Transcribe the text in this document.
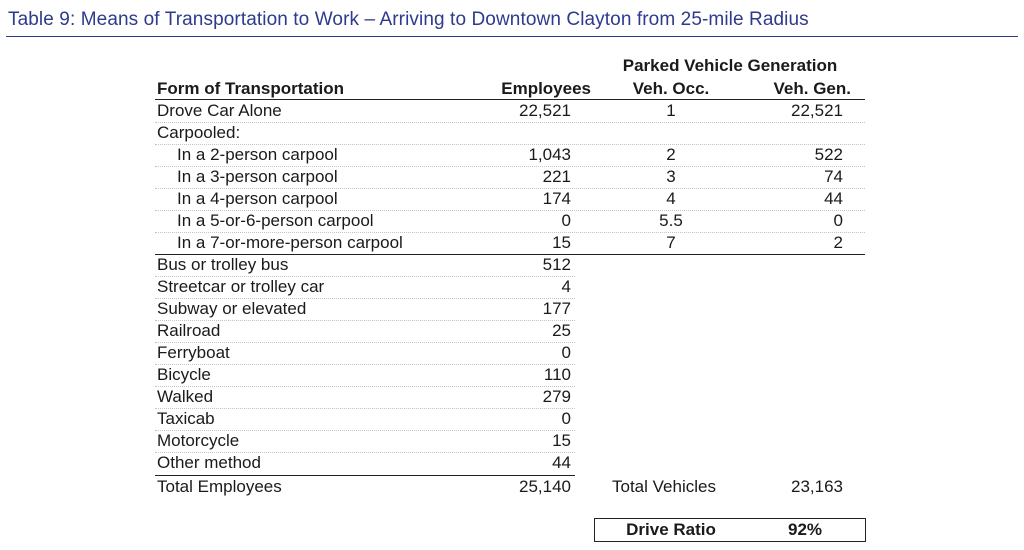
Table 9: Means of Transportation to Work – Arriving to Downtown Clayton from 25-mile Radius
Parked Vehicle Generation
Form of Transportation	Employees	Veh. Occ.	Veh. Gen.
Drove Car Alone	22,521	1	22,521
Carpooled:
In a 2-person carpool	1,043	2	522
In a 3-person carpool	221	3	74
In a 4-person carpool	174	4	44
In a 5-or-6-person carpool	0	5.5	0
In a 7-or-more-person carpool	15	7	2
Bus or trolley bus	512
Streetcar or trolley car	4
Subway or elevated	177
Railroad	25
Ferryboat	0
Bicycle	110
Walked	279
Taxicab	0
Motorcycle	15
Other method	44
Total Employees	25,140 Total Vehicles	23,163
Drive Ratio	92%
